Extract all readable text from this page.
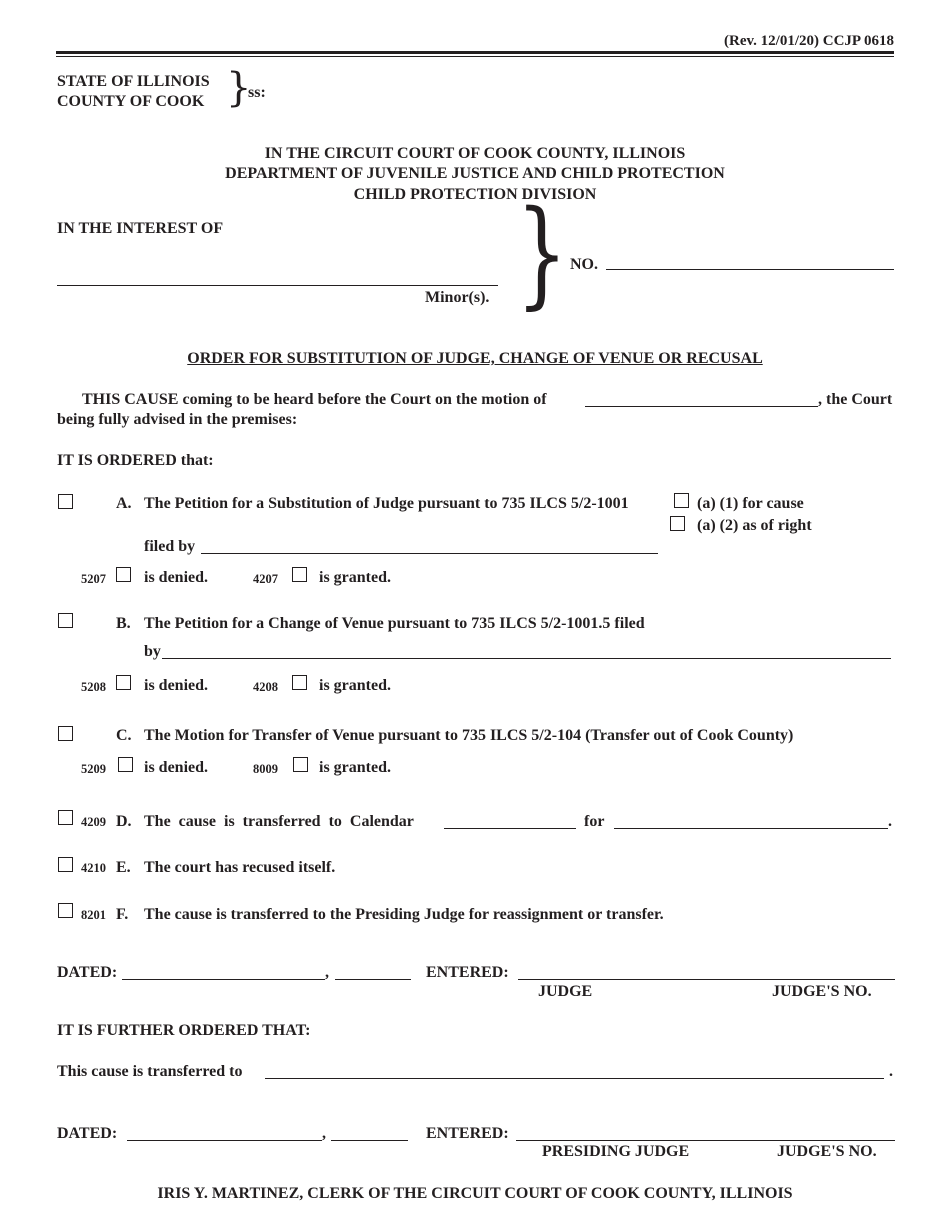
(Rev. 12/01/20) CCJP 0618
STATE OF ILLINOIS
COUNTY OF COOK }
ss:
IN THE CIRCUIT COURT OF COOK COUNTY, ILLINOIS
DEPARTMENT OF JUVENILE JUSTICE AND CHILD PROTECTION
CHILD PROTECTION DIVISION
IN THE INTEREST OF
Minor(s). } NO.
ORDER FOR SUBSTITUTION OF JUDGE, CHANGE OF VENUE OR RECUSAL
THIS CAUSE coming to be heard before the Court on the motion of	, the Court
being fully advised in the premises:
IT IS ORDERED that:
A. The Petition for a Substitution of Judge pursuant to 735 ILCS 5/2-1001	(a) (1) for cause
(a) (2) as of right
filed by
5207 is denied.	4207	is granted.
B. The Petition for a Change of Venue pursuant to 735 ILCS 5/2-1001.5 filed
by
5208 is denied.	4208	is granted.
C. The Motion for Transfer of Venue pursuant to 735 ILCS 5/2-104 (Transfer out of Cook County)
5209 is denied.	8009	is granted.
4209 D. The  cause  is  transferred  to  Calendar	for	.
4210 E. The court has recused itself.
8201 F. The cause is transferred to the Presiding Judge for reassignment or transfer.
DATED:	,	ENTERED:
JUDGE	JUDGE'S NO.
IT IS FURTHER ORDERED THAT:
This cause is transferred to	.
DATED:	,	ENTERED:
PRESIDING JUDGE	JUDGE'S NO.
IRIS Y. MARTINEZ, CLERK OF THE CIRCUIT COURT OF COOK COUNTY, ILLINOIS
